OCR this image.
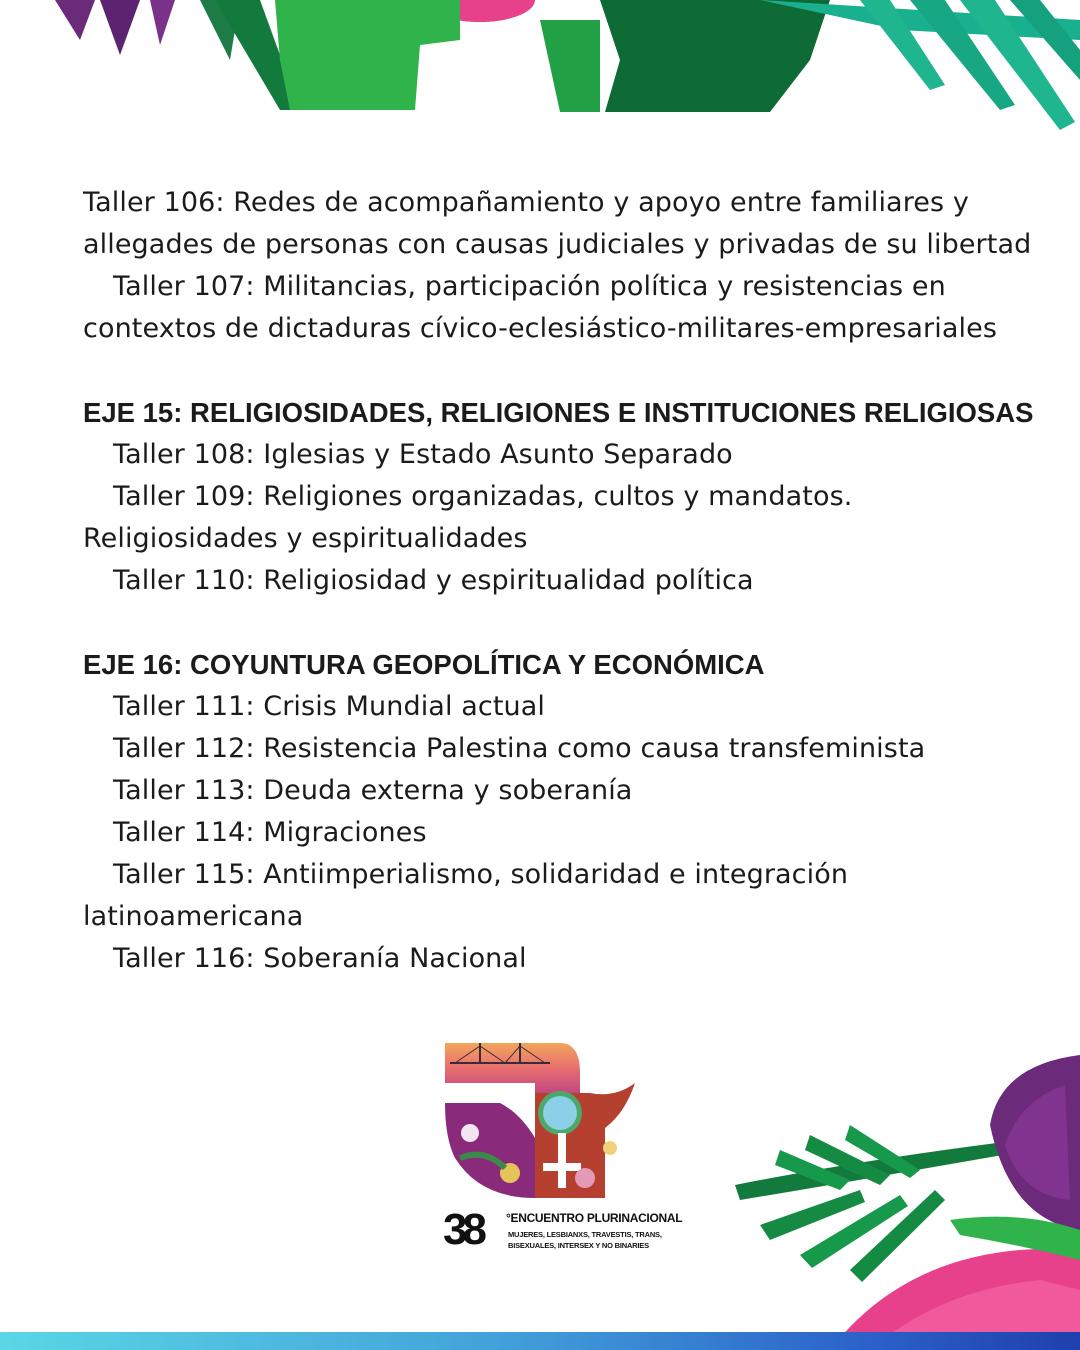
Taller 106: Redes de acompañamiento y apoyo entre familiares y
allegades de personas con causas judiciales y privadas de su libertad
Taller 107: Militancias, participación política y resistencias en
contextos de dictaduras cívico-eclesiástico-militares-empresariales
EJE 15: RELIGIOSIDADES, RELIGIONES E INSTITUCIONES RELIGIOSAS
Taller 108: Iglesias y Estado Asunto Separado
Taller 109: Religiones organizadas, cultos y mandatos.
Religiosidades y espiritualidades
Taller 110: Religiosidad y espiritualidad política
EJE 16: COYUNTURA GEOPOLÍTICA Y ECONÓMICA
Taller 111: Crisis Mundial actual
Taller 112: Resistencia Palestina como causa transfeminista
Taller 113: Deuda externa y soberanía
Taller 114: Migraciones
Taller 115: Antiimperialismo, solidaridad e integración
latinoamericana
Taller 116: Soberanía Nacional
38 °ENCUENTRO PLURINACIONAL
MUJERES, LESBIANXS, TRAVESTIS, TRANS, BISEXUALES, INTERSEX Y NO BINARIES
